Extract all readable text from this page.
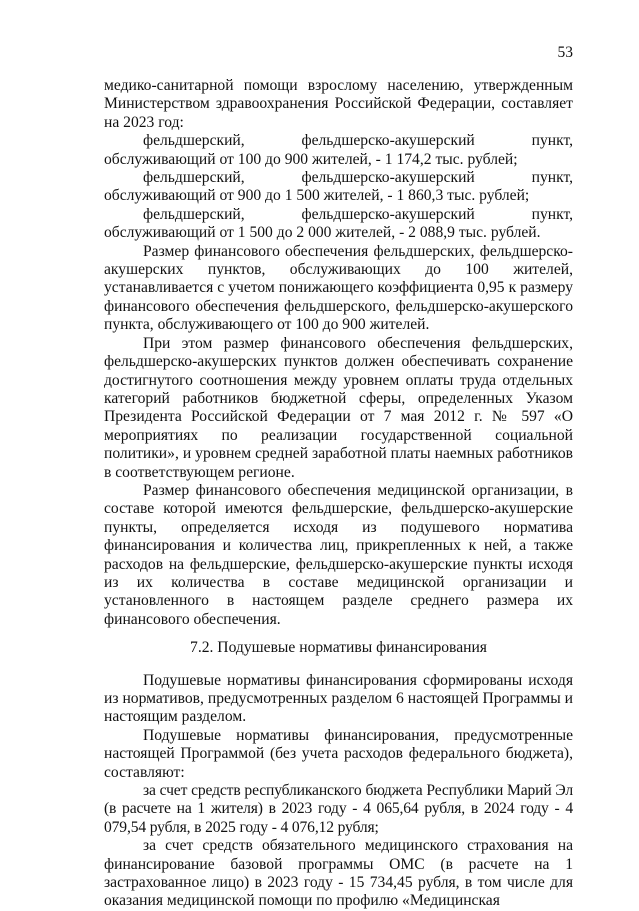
53

медико-санитарной помощи взрослому населению, утвержденным Министерством здравоохранения Российской Федерации, составляет на 2023 год:

фельдшерский, фельдшерско-акушерский пункт, обслуживающий от 100 до 900 жителей, - 1 174,2 тыс. рублей;

фельдшерский, фельдшерско-акушерский пункт, обслуживающий от 900 до 1 500 жителей, - 1 860,3 тыс. рублей;

фельдшерский, фельдшерско-акушерский пункт, обслуживающий от 1 500 до 2 000 жителей, - 2 088,9 тыс. рублей.

Размер финансового обеспечения фельдшерских, фельдшерско-акушерских пунктов, обслуживающих до 100 жителей, устанавливается с учетом понижающего коэффициента 0,95 к размеру финансового обеспечения фельдшерского, фельдшерско-акушерского пункта, обслуживающего от 100 до 900 жителей.

При этом размер финансового обеспечения фельдшерских, фельдшерско-акушерских пунктов должен обеспечивать сохранение достигнутого соотношения между уровнем оплаты труда отдельных категорий работников бюджетной сферы, определенных Указом Президента Российской Федерации от 7 мая 2012 г. № 597 «О мероприятиях по реализации государственной социальной политики», и уровнем средней заработной платы наемных работников в соответствующем регионе.

Размер финансового обеспечения медицинской организации, в составе которой имеются фельдшерские, фельдшерско-акушерские пункты, определяется исходя из подушевого норматива финансирования и количества лиц, прикрепленных к ней, а также расходов на фельдшерские, фельдшерско-акушерские пункты исходя из их количества в составе медицинской организации и установленного в настоящем разделе среднего размера их финансового обеспечения.

7.2. Подушевые нормативы финансирования

Подушевые нормативы финансирования сформированы исходя из нормативов, предусмотренных разделом 6 настоящей Программы и настоящим разделом.

Подушевые нормативы финансирования, предусмотренные настоящей Программой (без учета расходов федерального бюджета), составляют:

за счет средств республиканского бюджета Республики Марий Эл (в расчете на 1 жителя) в 2023 году - 4 065,64 рубля, в 2024 году - 4 079,54 рубля, в 2025 году - 4 076,12 рубля;

за счет средств обязательного медицинского страхования на финансирование базовой программы ОМС (в расчете на 1 застрахованное лицо) в 2023 году - 15 734,45 рубля, в том числе для оказания медицинской помощи по профилю «Медицинская
